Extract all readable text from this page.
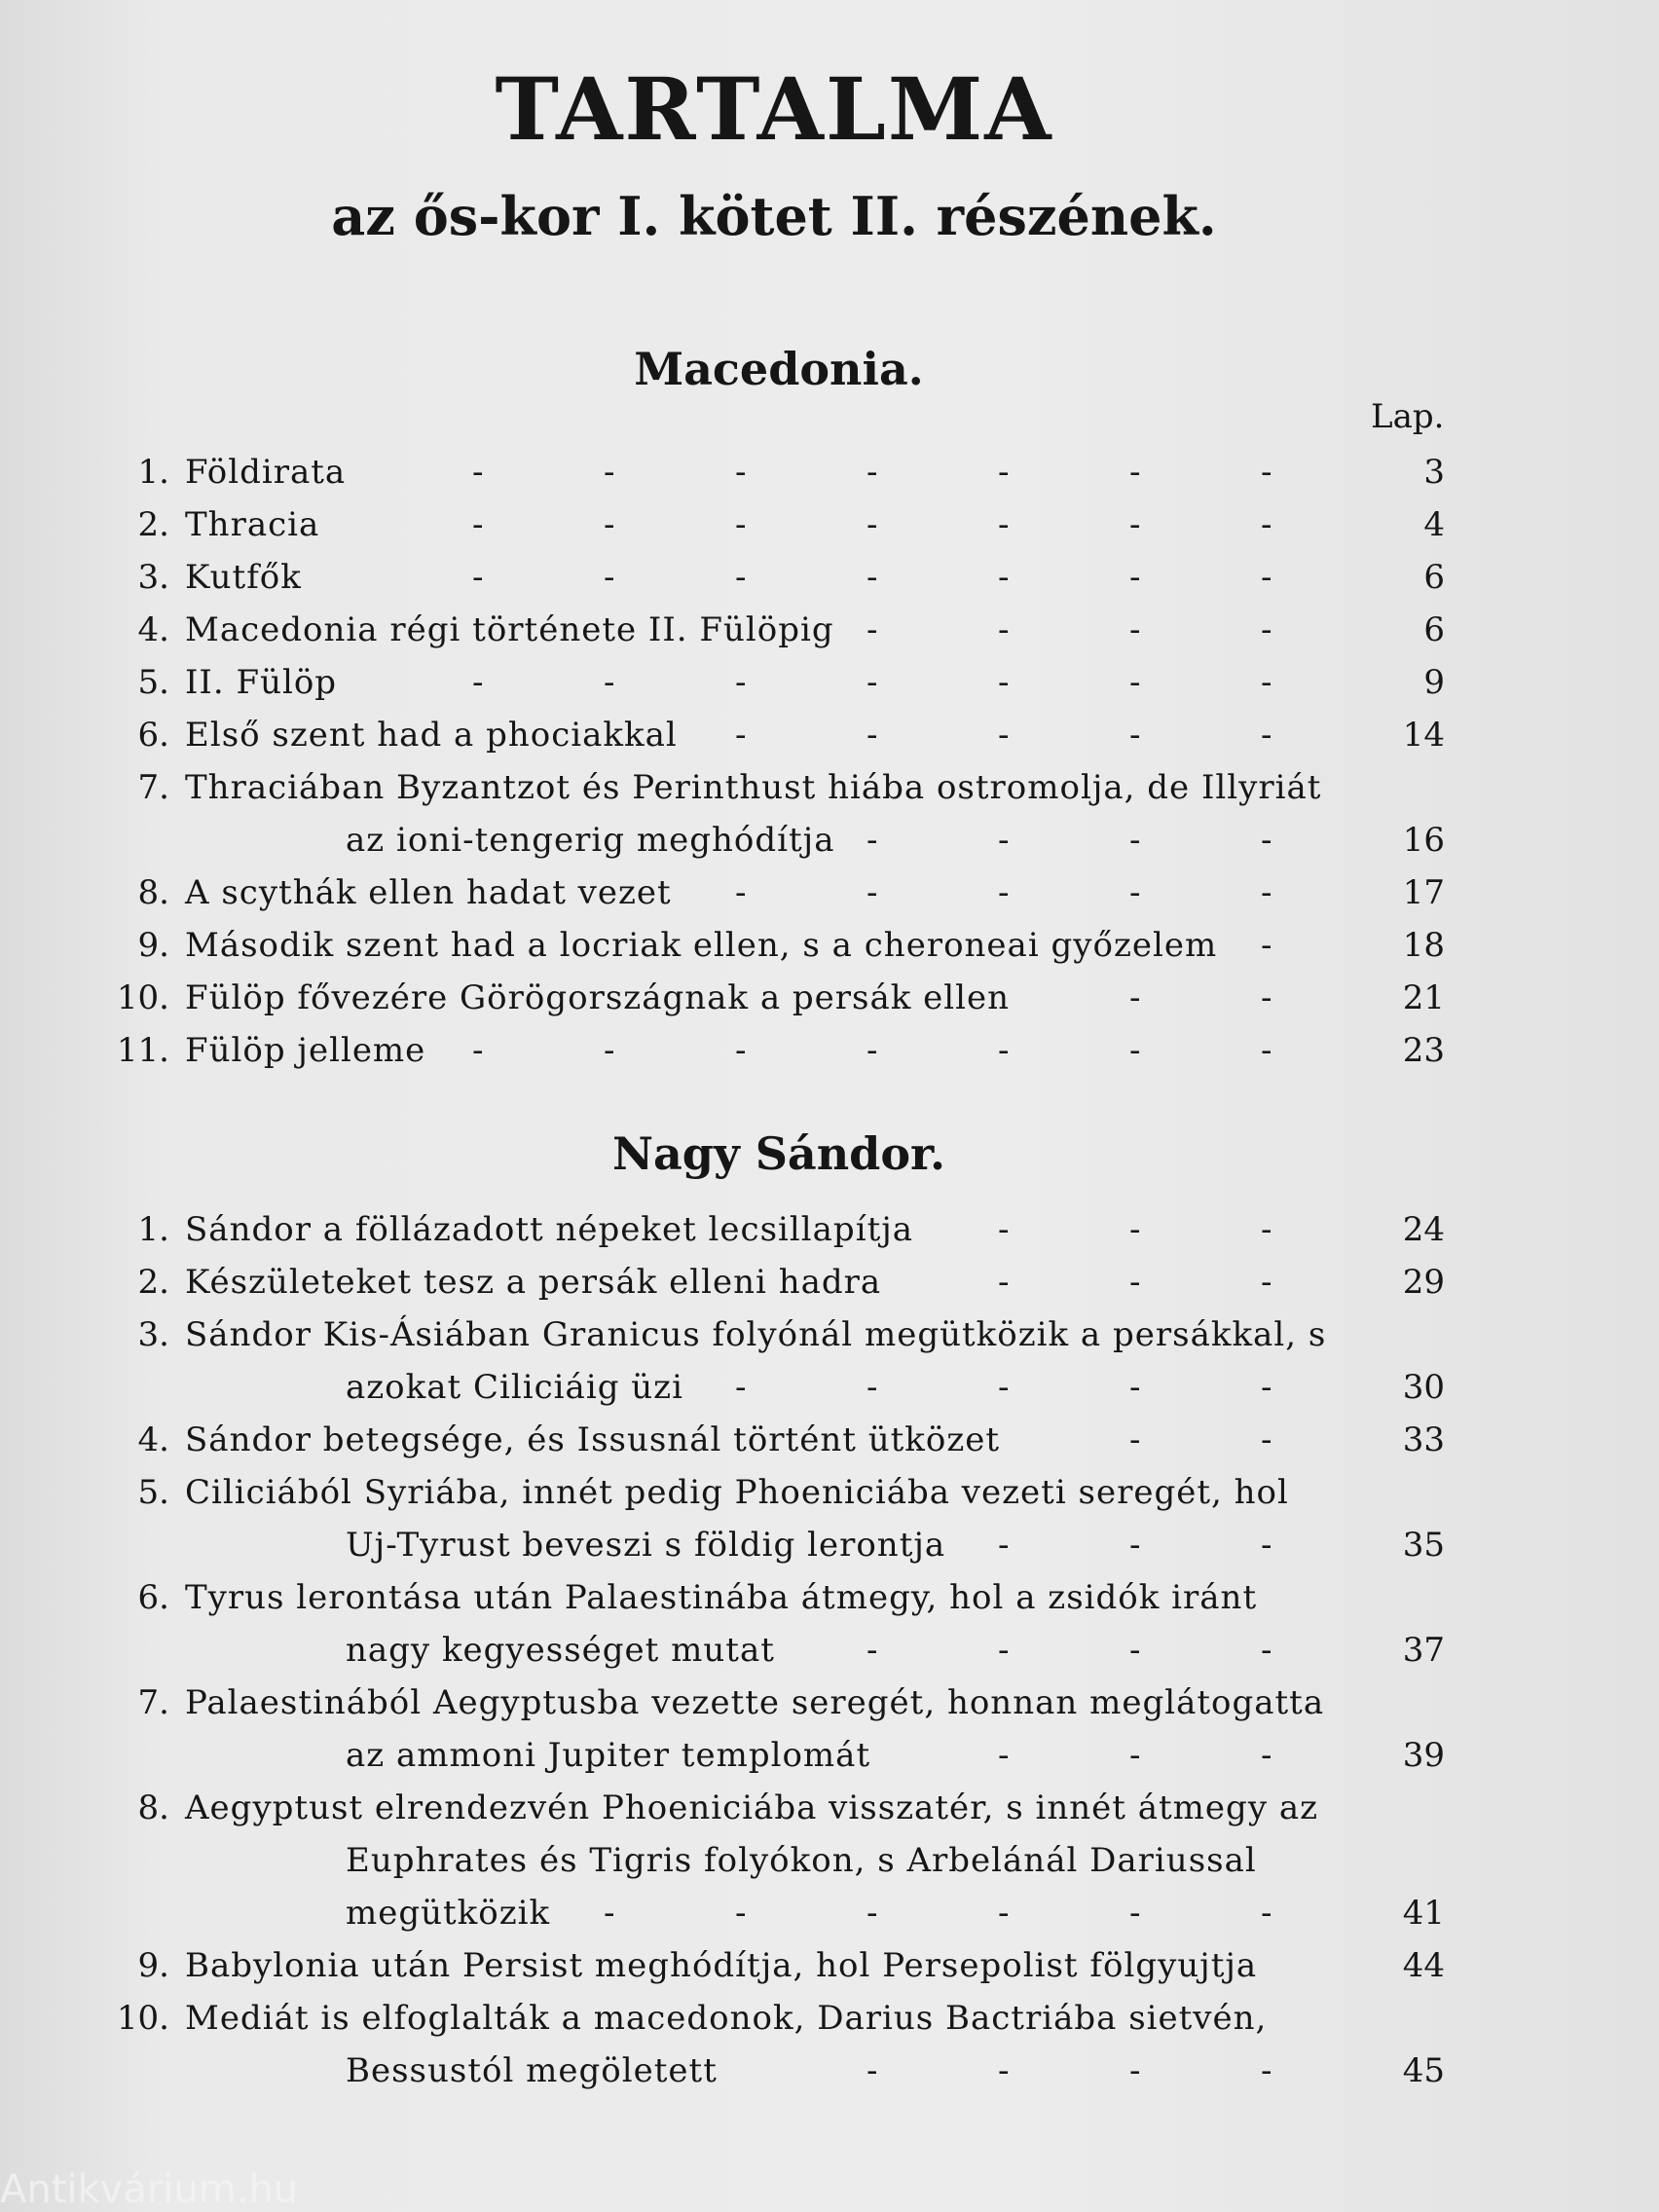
TARTALMA
az ős-kor I. kötet II. részének.
Macedonia.
Lap.
Nagy Sándor.
1. Földirata	3
-	-	-	-	-	-	-
2. Thracia	4
-	-	-	-	-	-	-
3. Kutfők	6
-	-	-	-	-	-	-
4. Macedonia régi története II. Fülöpig	6
-	-	-	-
5. II. Fülöp	9
-	-	-	-	-	-	-
6. Első szent had a phociakkal	14
-	-	-	-	-
7. Thraciában Byzantzot és Perinthust hiába ostromolja, de Illyriát
az ioni-tengerig meghódítja	16
-	-	-	-
8. A scythák ellen hadat vezet	17
-	-	-	-	-
9. Második szent had a locriak ellen, s a cheroneai győzelem	18
-
10. Fülöp fővezére Görögországnak a persák ellen	21
-	-
11. Fülöp jelleme	23
-	-	-	-	-	-	-
1. Sándor a föllázadott népeket lecsillapítja	24
-	-	-
2. Készületeket tesz a persák elleni hadra	29
-	-	-
3. Sándor Kis-Ásiában Granicus folyónál megütközik a persákkal, s
azokat Ciliciáig üzi	30
-	-	-	-	-
4. Sándor betegsége, és Issusnál történt ütközet	33
-	-
5. Ciliciából Syriába, innét pedig Phoeniciába vezeti seregét, hol
Uj-Tyrust beveszi s földig lerontja	35
-	-	-
6. Tyrus lerontása után Palaestinába átmegy, hol a zsidók iránt
nagy kegyességet mutat	37
-	-	-	-
7. Palaestinából Aegyptusba vezette seregét, honnan meglátogatta
az ammoni Jupiter templomát	39
-	-	-
8. Aegyptust elrendezvén Phoeniciába visszatér, s innét átmegy az
Euphrates és Tigris folyókon, s Arbelánál Dariussal
megütközik	41
-	-	-	-	-	-
9. Babylonia után Persist meghódítja, hol Persepolist fölgyujtja	44
10. Mediát is elfoglalták a macedonok, Darius Bactriába sietvén,
Bessustól megöletett	45
-	-	-	-
Antikvárium.hu
